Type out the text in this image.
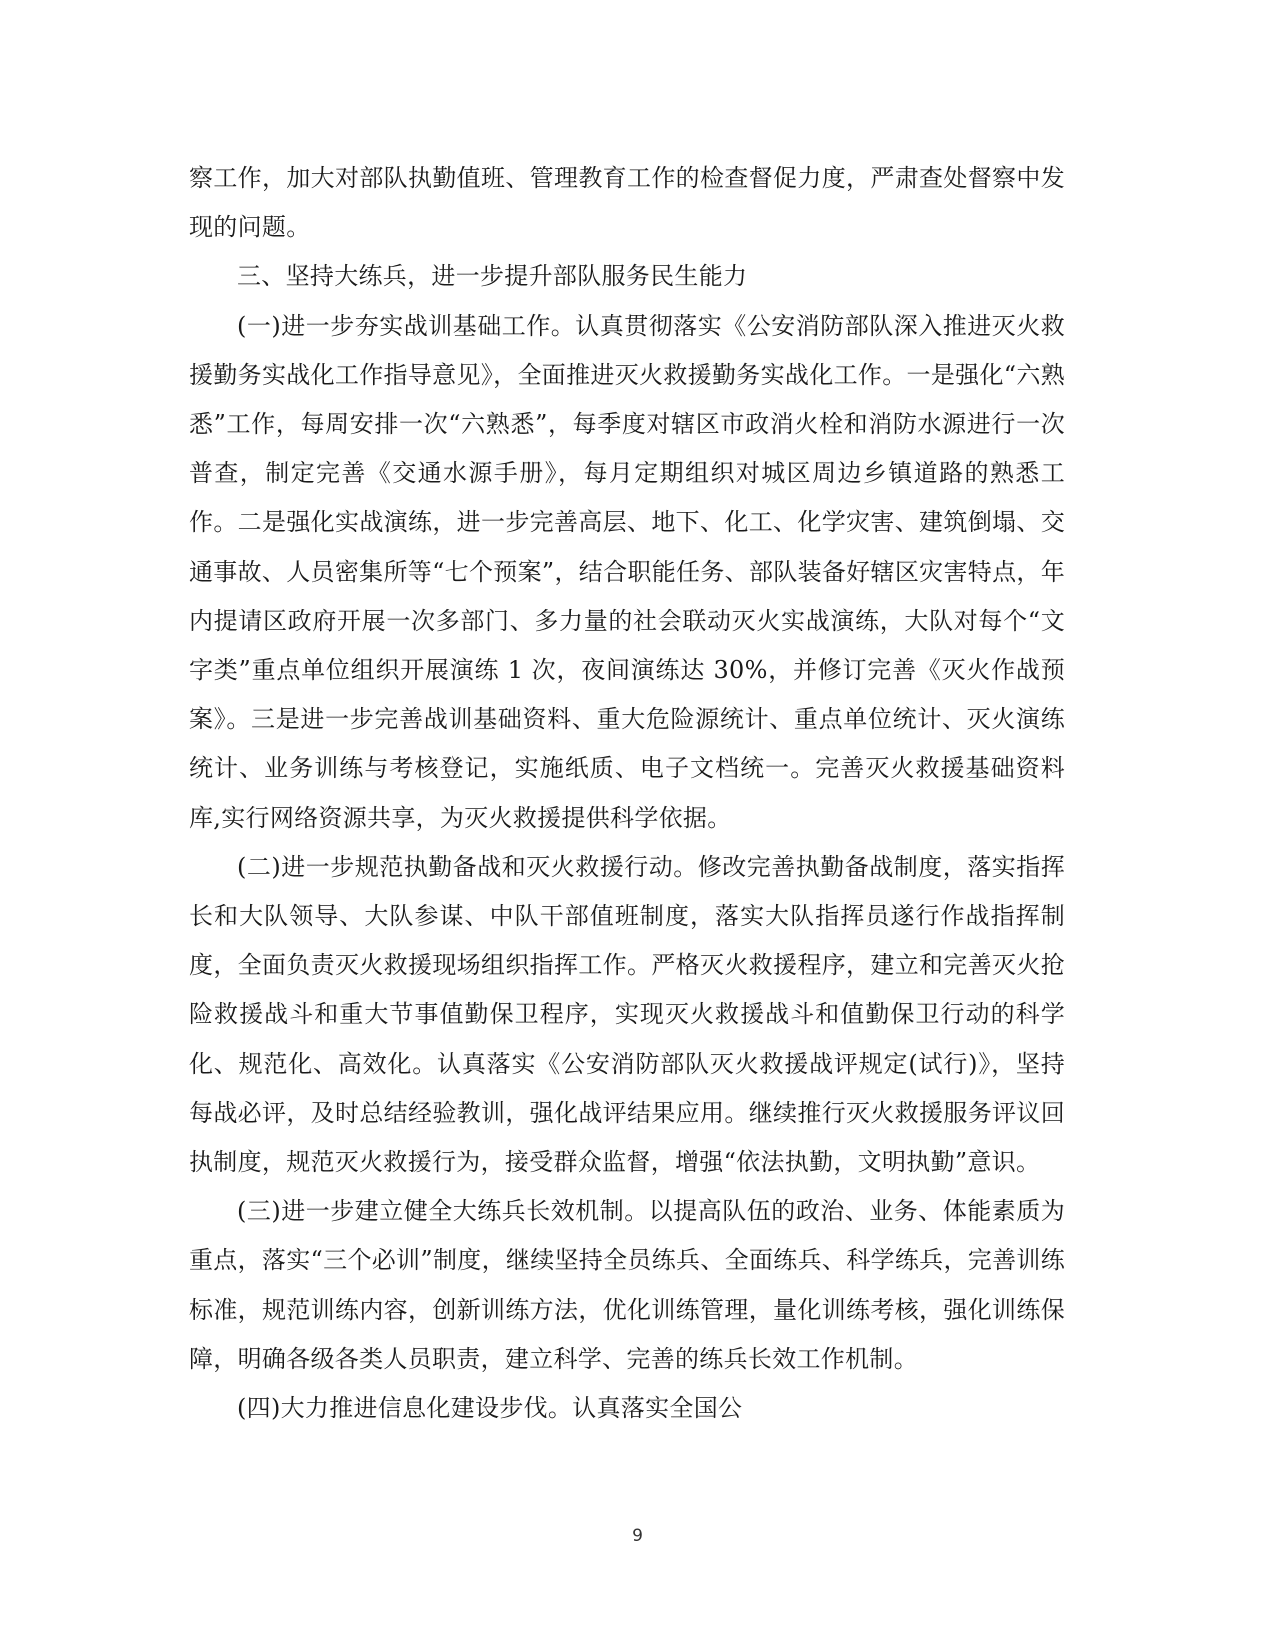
察工作，加大对部队执勤值班、管理教育工作的检查督促力度，严肃查处督察中发现的问题。

三、坚持大练兵，进一步提升部队服务民生能力

(一)进一步夯实战训基础工作。认真贯彻落实《公安消防部队深入推进灭火救援勤务实战化工作指导意见》，全面推进灭火救援勤务实战化工作。一是强化“六熟悉”工作，每周安排一次“六熟悉”，每季度对辖区市政消火栓和消防水源进行一次普查，制定完善《交通水源手册》，每月定期组织对城区周边乡镇道路的熟悉工作。二是强化实战演练，进一步完善高层、地下、化工、化学灾害、建筑倒塌、交通事故、人员密集所等“七个预案”，结合职能任务、部队装备好辖区灾害特点，年内提请区政府开展一次多部门、多力量的社会联动灭火实战演练，大队对每个“文字类”重点单位组织开展演练 1 次，夜间演练达 30%，并修订完善《灭火作战预案》。三是进一步完善战训基础资料、重大危险源统计、重点单位统计、灭火演练统计、业务训练与考核登记，实施纸质、电子文档统一。完善灭火救援基础资料库,实行网络资源共享，为灭火救援提供科学依据。

(二)进一步规范执勤备战和灭火救援行动。修改完善执勤备战制度，落实指挥长和大队领导、大队参谋、中队干部值班制度，落实大队指挥员遂行作战指挥制度，全面负责灭火救援现场组织指挥工作。严格灭火救援程序，建立和完善灭火抢险救援战斗和重大节事值勤保卫程序，实现灭火救援战斗和值勤保卫行动的科学化、规范化、高效化。认真落实《公安消防部队灭火救援战评规定(试行)》，坚持每战必评，及时总结经验教训，强化战评结果应用。继续推行灭火救援服务评议回执制度，规范灭火救援行为，接受群众监督，增强“依法执勤，文明执勤”意识。

(三)进一步建立健全大练兵长效机制。以提高队伍的政治、业务、体能素质为重点，落实“三个必训”制度，继续坚持全员练兵、全面练兵、科学练兵，完善训练标准，规范训练内容，创新训练方法，优化训练管理，量化训练考核，强化训练保障，明确各级各类人员职责，建立科学、完善的练兵长效工作机制。

(四)大力推进信息化建设步伐。认真落实全国公

9
